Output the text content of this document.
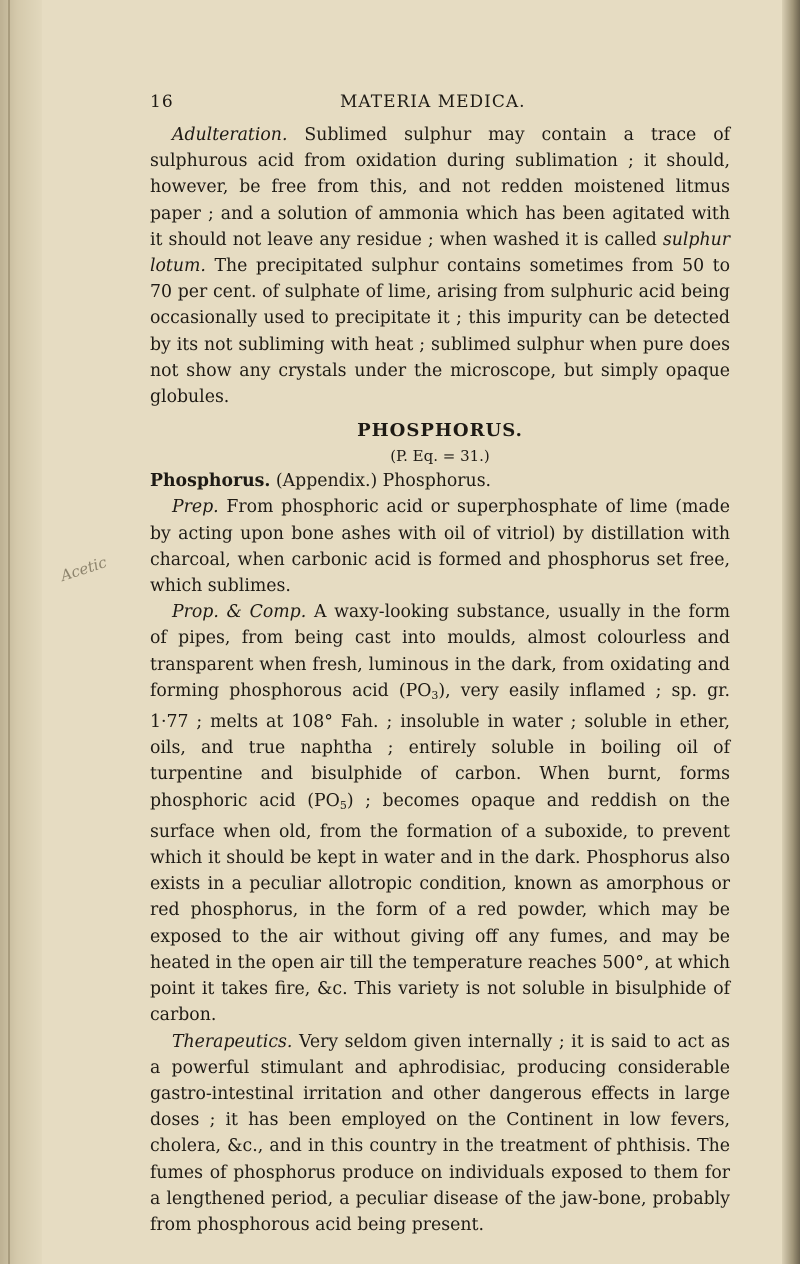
Acetic
16	MATERIA MEDICA.

Adulteration. Sublimed sulphur may contain a trace of sulphurous acid from oxidation during sublimation ; it should, however, be free from this, and not redden moistened litmus paper ; and a solution of ammonia which has been agitated with it should not leave any residue ; when washed it is called sulphur lotum. The precipitated sulphur contains sometimes from 50 to 70 per cent. of sulphate of lime, arising from sulphuric acid being occasionally used to precipitate it ; this impurity can be detected by its not subliming with heat ; sublimed sulphur when pure does not show any crystals under the microscope, but simply opaque globules.

PHOSPHORUS.
(P. Eq. = 31.)

Phosphorus. (Appendix.) Phosphorus.

Prep. From phosphoric acid or superphosphate of lime (made by acting upon bone ashes with oil of vitriol) by distillation with charcoal, when carbonic acid is formed and phosphorus set free, which sublimes.

Prop. & Comp. A waxy-looking substance, usually in the form of pipes, from being cast into moulds, almost colourless and transparent when fresh, luminous in the dark, from oxidating and forming phosphorous acid (PO3), very easily inflamed ; sp. gr. 1·77 ; melts at 108° Fah. ; insoluble in water ; soluble in ether, oils, and true naphtha ; entirely soluble in boiling oil of turpentine and bisulphide of carbon. When burnt, forms phosphoric acid (PO5) ; becomes opaque and reddish on the surface when old, from the formation of a suboxide, to prevent which it should be kept in water and in the dark. Phosphorus also exists in a peculiar allotropic condition, known as amorphous or red phosphorus, in the form of a red powder, which may be exposed to the air without giving off any fumes, and may be heated in the open air till the temperature reaches 500°, at which point it takes fire, &c. This variety is not soluble in bisulphide of carbon.

Therapeutics. Very seldom given internally ; it is said to act as a powerful stimulant and aphrodisiac, producing considerable gastro-intestinal irritation and other dangerous effects in large doses ; it has been employed on the Continent in low fevers, cholera, &c., and in this country in the treatment of phthisis. The fumes of phosphorus produce on individuals exposed to them for a lengthened period, a peculiar disease of the jaw-bone, probably from phosphorous acid being present.
